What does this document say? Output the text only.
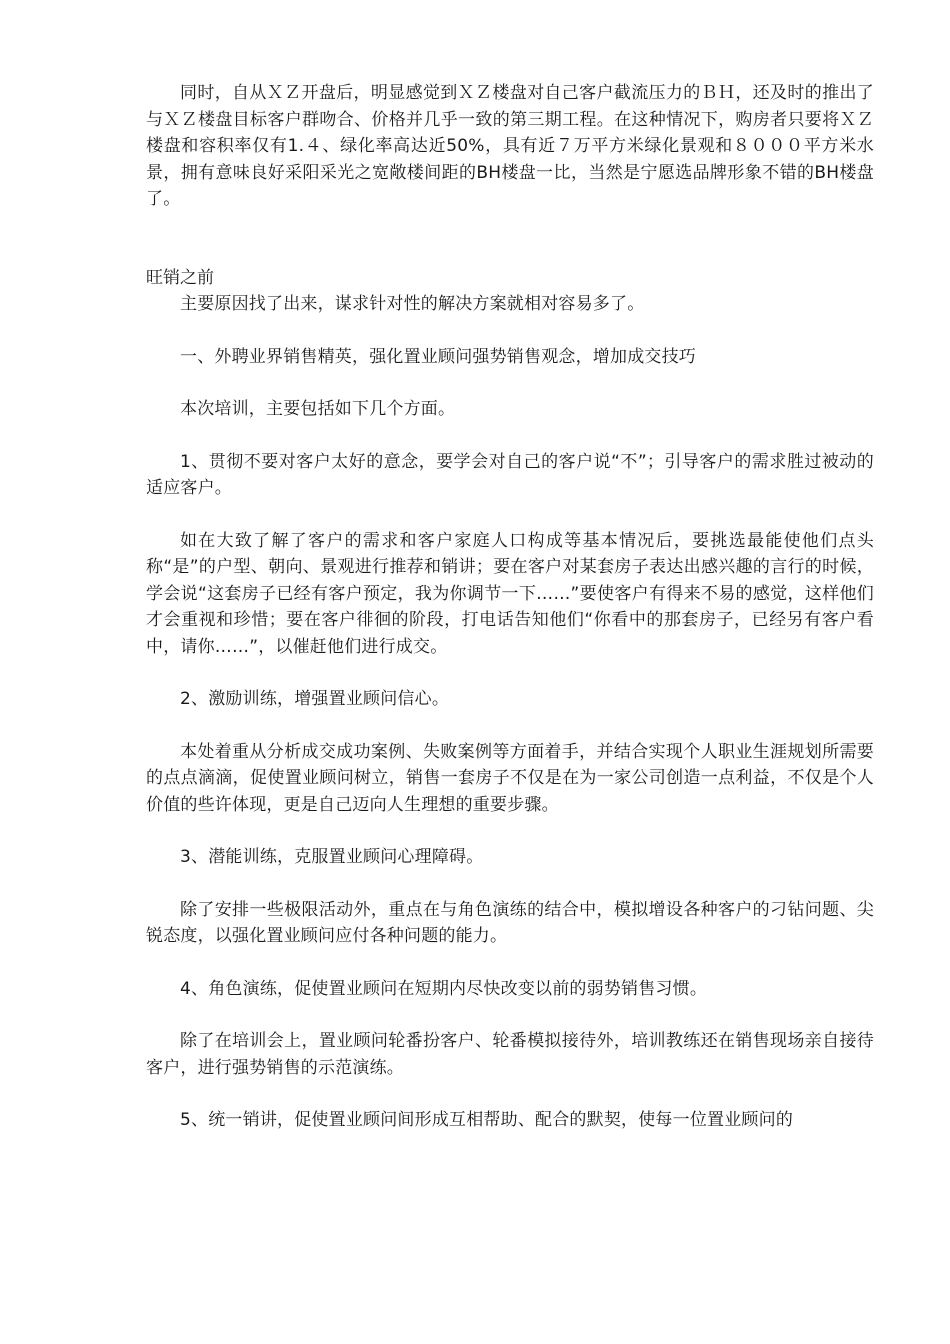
同时，自从ＸＺ开盘后，明显感觉到ＸＺ楼盘对自己客户截流压力的ＢＨ，还及时的推出了与ＸＺ楼盘目标客户群吻合、价格并几乎一致的第三期工程。在这种情况下，购房者只要将ＸＺ楼盘和容积率仅有1.４、绿化率高达近50%，具有近７万平方米绿化景观和８０００平方米水景，拥有意味良好采阳采光之宽敞楼间距的BH楼盘一比，当然是宁愿选品牌形象不错的BH楼盘了。

旺销之前

主要原因找了出来，谋求针对性的解决方案就相对容易多了。

一、外聘业界销售精英，强化置业顾问强势销售观念，增加成交技巧

本次培训，主要包括如下几个方面。

1、贯彻不要对客户太好的意念，要学会对自己的客户说“不”；引导客户的需求胜过被动的适应客户。

如在大致了解了客户的需求和客户家庭人口构成等基本情况后，要挑选最能使他们点头称“是”的户型、朝向、景观进行推荐和销讲；要在客户对某套房子表达出感兴趣的言行的时候，学会说“这套房子已经有客户预定，我为你调节一下……”要使客户有得来不易的感觉，这样他们才会重视和珍惜；要在客户徘徊的阶段，打电话告知他们“你看中的那套房子，已经另有客户看中，请你……”，以催赶他们进行成交。

2、激励训练，增强置业顾问信心。

本处着重从分析成交成功案例、失败案例等方面着手，并结合实现个人职业生涯规划所需要的点点滴滴，促使置业顾问树立，销售一套房子不仅是在为一家公司创造一点利益，不仅是个人价值的些许体现，更是自己迈向人生理想的重要步骤。

3、潜能训练，克服置业顾问心理障碍。

除了安排一些极限活动外，重点在与角色演练的结合中，模拟增设各种客户的刁钻问题、尖锐态度，以强化置业顾问应付各种问题的能力。

4、角色演练，促使置业顾问在短期内尽快改变以前的弱势销售习惯。

除了在培训会上，置业顾问轮番扮客户、轮番模拟接待外，培训教练还在销售现场亲自接待客户，进行强势销售的示范演练。

5、统一销讲，促使置业顾问间形成互相帮助、配合的默契，使每一位置业顾问的
